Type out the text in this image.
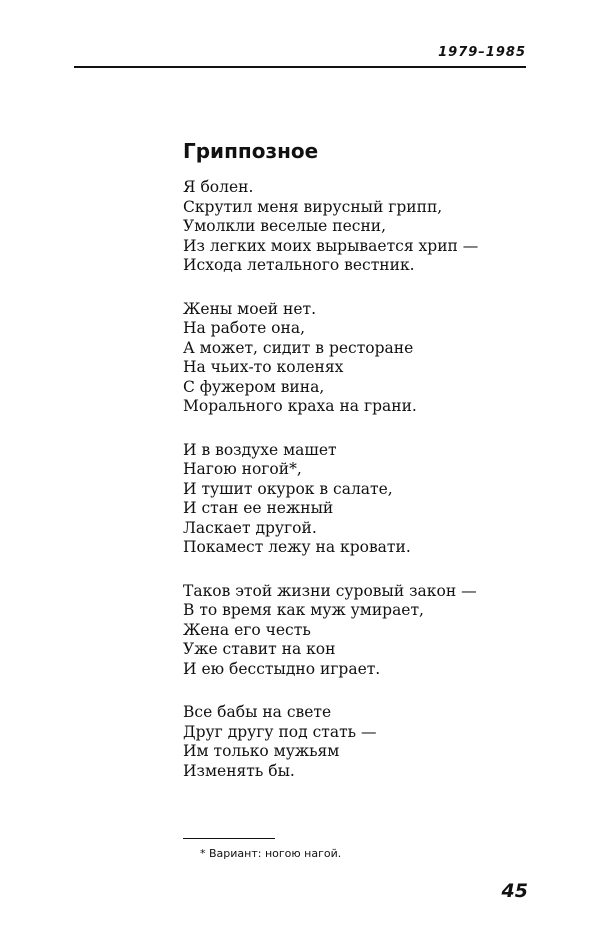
1979–1985
Гриппозное
Я болен.
Скрутил меня вирусный грипп,
Умолкли веселые песни,
Из легких моих вырывается хрип —
Исхода летального вестник.
Жены моей нет.
На работе она,
А может, сидит в ресторане
На чьих-то коленях
С фужером вина,
Морального краха на грани.
И в воздухе машет
Нагою ногой*,
И тушит окурок в салате,
И стан ее нежный
Ласкает другой.
Покамест лежу на кровати.
Таков этой жизни суровый закон —
В то время как муж умирает,
Жена его честь
Уже ставит на кон
И ею бесстыдно играет.
Все бабы на свете
Друг другу под стать —
Им только мужьям
Изменять бы.
* Вариант: ногою нагой.
45
